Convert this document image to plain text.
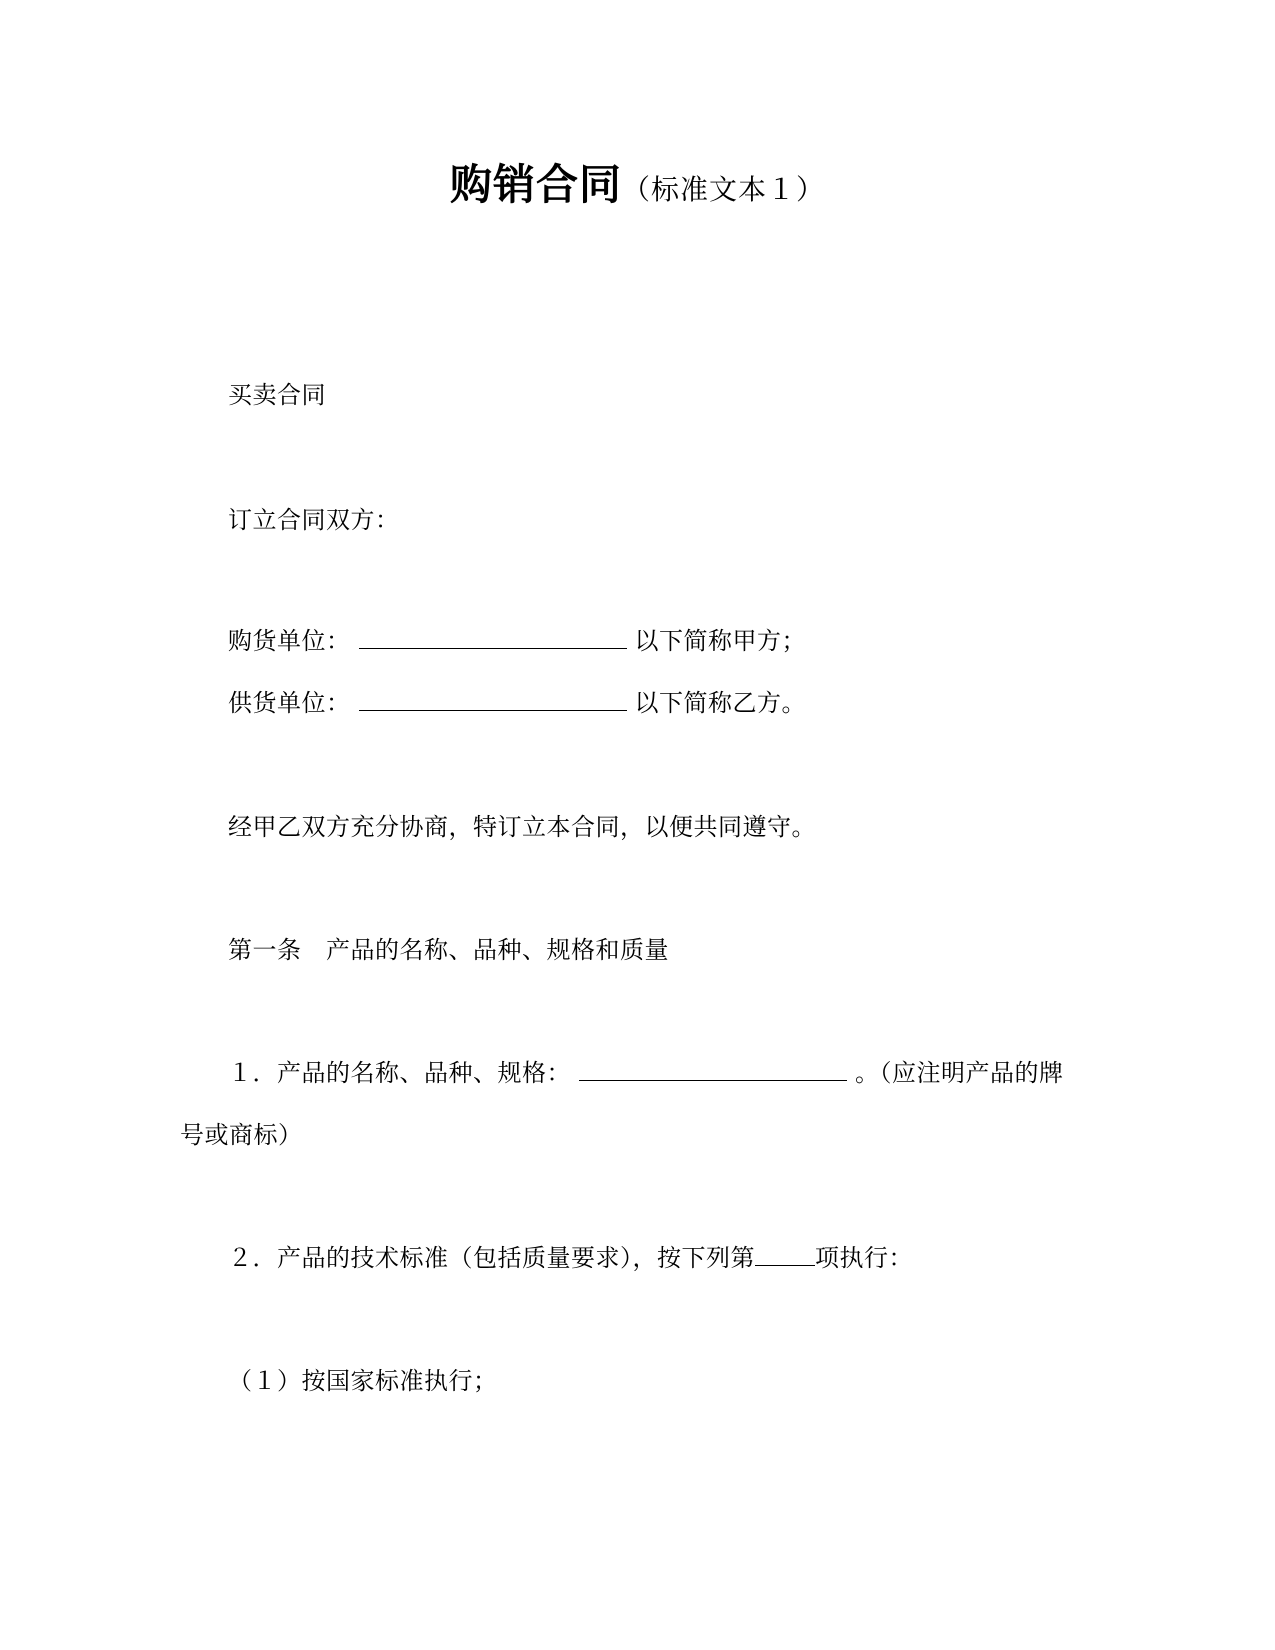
购销合同（标准文本１）
买卖合同
订立合同双方：
购货单位：	以下简称甲方；
供货单位：	以下简称乙方。
经甲乙双方充分协商，特订立本合同，以便共同遵守。
第一条　产品的名称、品种、规格和质量
１．产品的名称、品种、规格：	。（应注明产品的牌
号或商标）
２．产品的技术标准（包括质量要求），按下列第	项执行：
（１）按国家标准执行；
